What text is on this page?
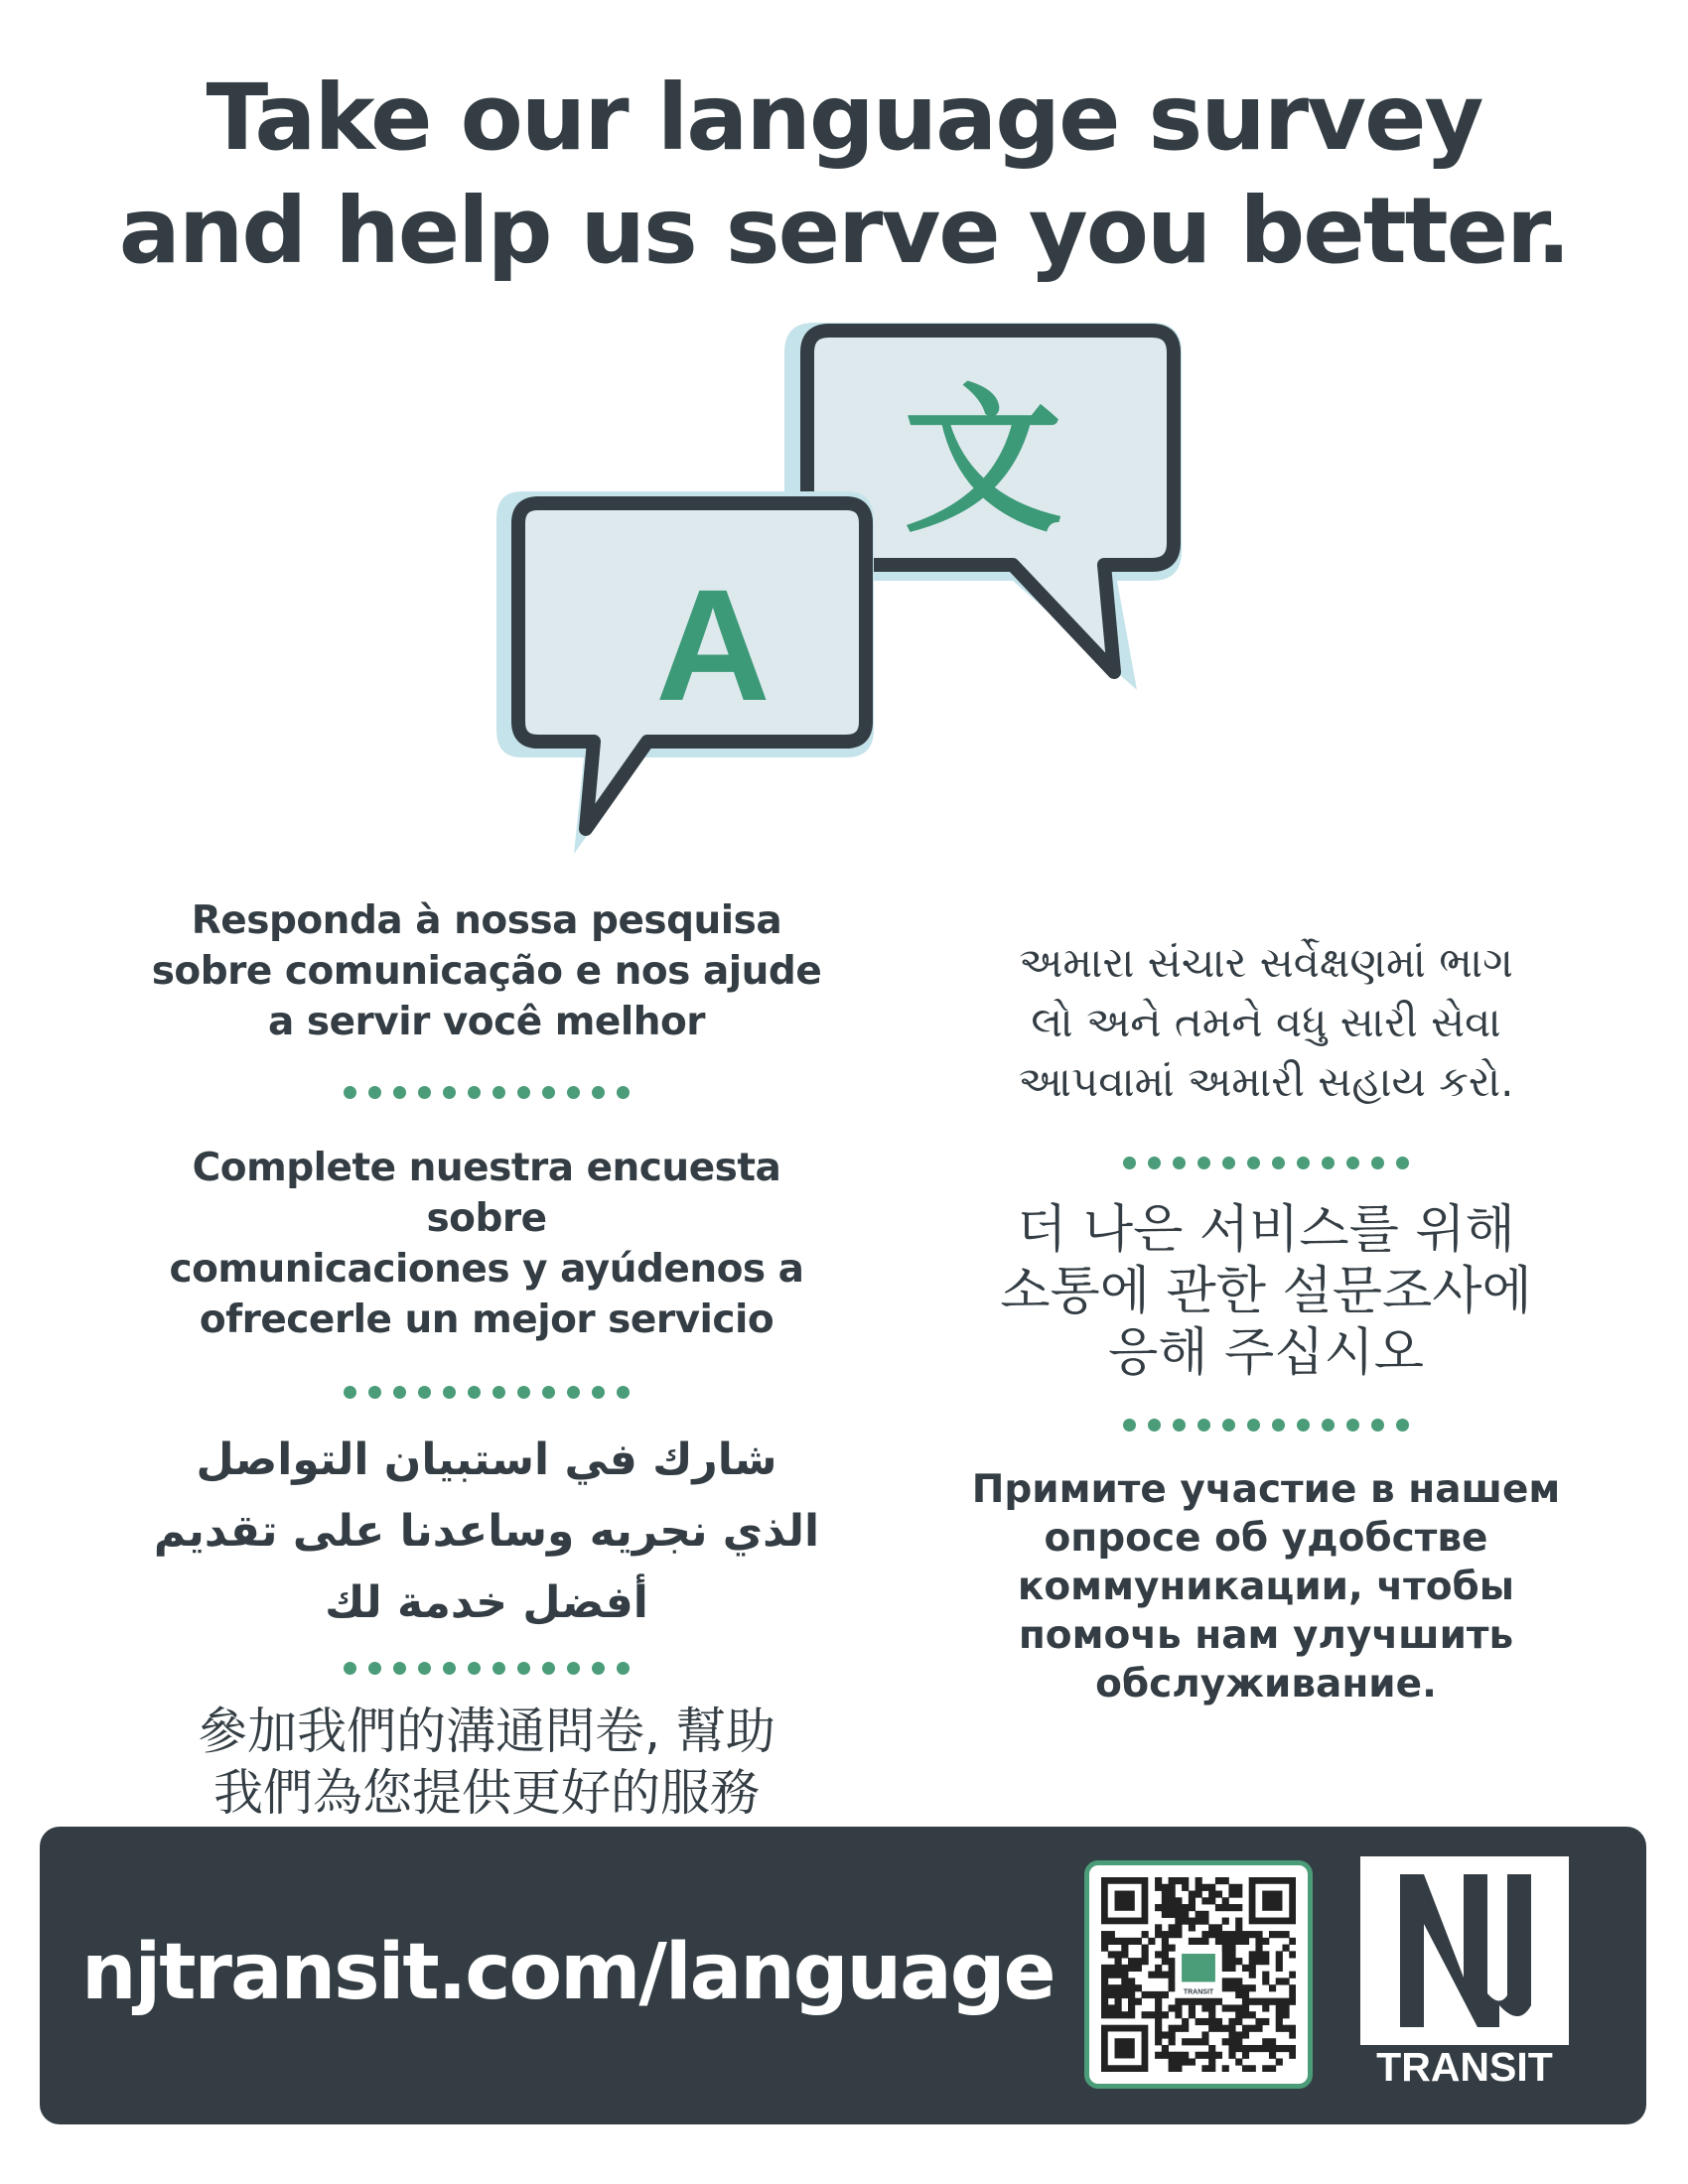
Take our language survey
and help us serve you better.
文
A

Responda à nossa pesquisa
sobre comunicação e nos ajude
a servir você melhor

Complete nuestra encuesta sobre
comunicaciones y ayúdenos a
ofrecerle un mejor servicio

شارك في استبيان التواصل
الذي نجريه وساعدنا على تقديم
أفضل خدمة لك

參加我們的溝通問卷, 幫助
我們為您提供更好的服務

અમારા સંચાર સર્વેક્ષણમાં ભાગ
લો અને તમને વધુ સારી સેવા
આપવામાં અમારી સહાય કરો.

더 나은 서비스를 위해
소통에 관한 설문조사에
응해 주십시오

Примите участие в нашем
опросе об удобстве
коммуникации, чтобы
помочь нам улучшить
обслуживание.

njtransit.com/language	TRANSIT
TRANSIT
